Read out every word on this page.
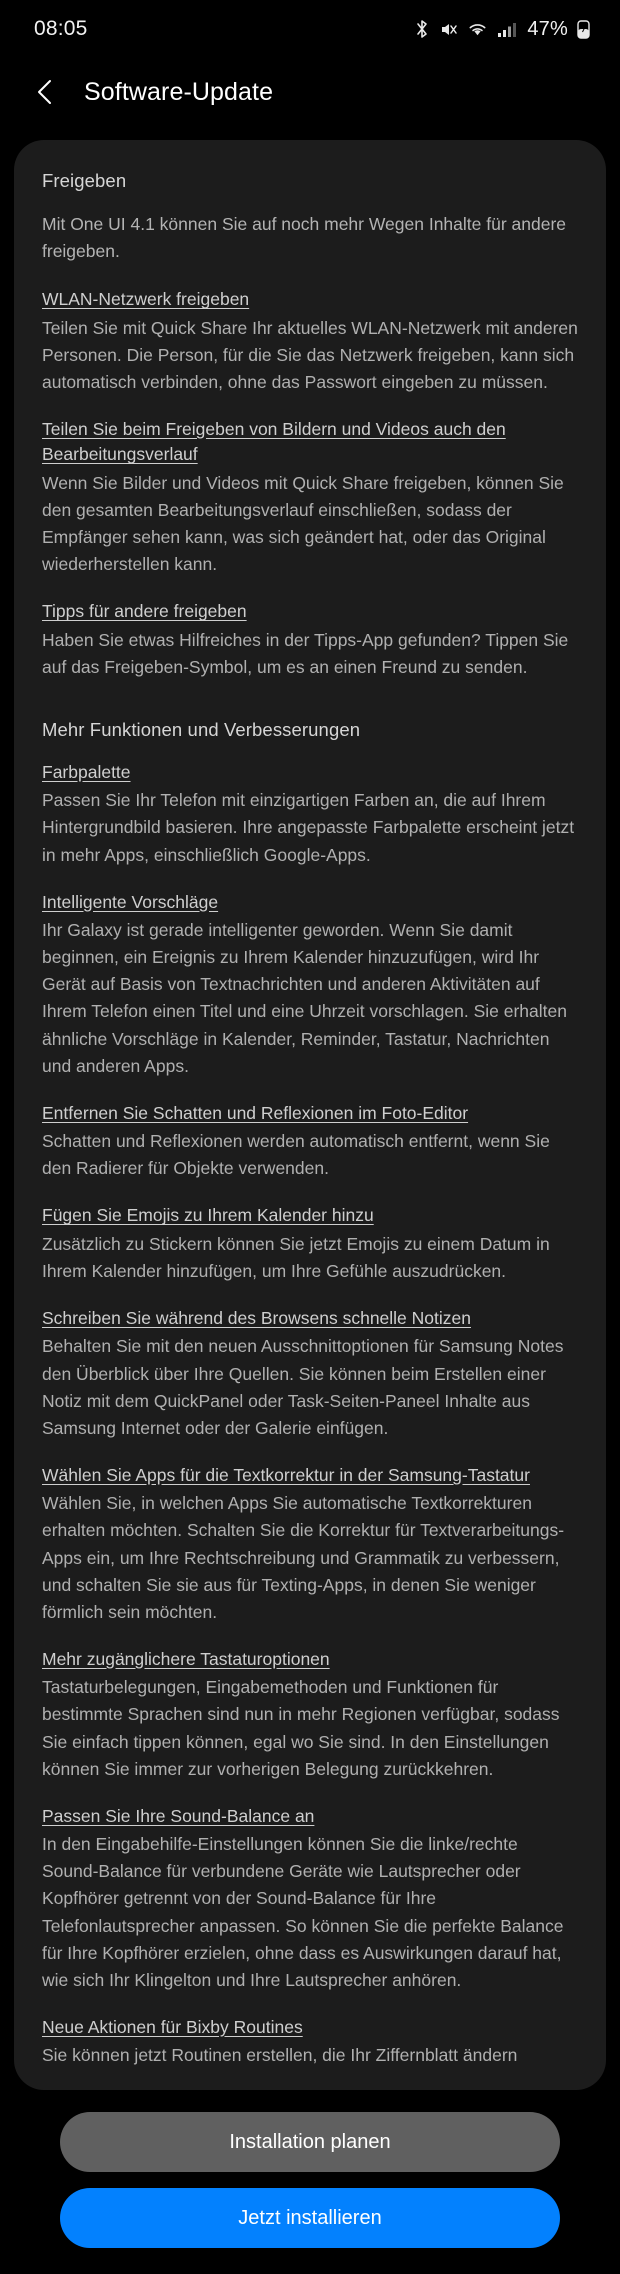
08:05	47%
Software-Update
Freigeben

Mit One UI 4.1 können Sie auf noch mehr Wegen Inhalte für andere freigeben.

WLAN-Netzwerk freigeben
Teilen Sie mit Quick Share Ihr aktuelles WLAN-Netzwerk mit anderen Personen. Die Person, für die Sie das Netzwerk freigeben, kann sich automatisch verbinden, ohne das Passwort eingeben zu müssen.
Teilen Sie beim Freigeben von Bildern und Videos auch den Bearbeitungsverlauf
Wenn Sie Bilder und Videos mit Quick Share freigeben, können Sie den gesamten Bearbeitungsverlauf einschließen, sodass der Empfänger sehen kann, was sich geändert hat, oder das Original wiederherstellen kann.
Tipps für andere freigeben
Haben Sie etwas Hilfreiches in der Tipps-App gefunden? Tippen Sie auf das Freigeben-Symbol, um es an einen Freund zu senden.
Mehr Funktionen und Verbesserungen
Farbpalette
Passen Sie Ihr Telefon mit einzigartigen Farben an, die auf Ihrem Hintergrundbild basieren. Ihre angepasste Farbpalette erscheint jetzt in mehr Apps, einschließlich Google-Apps.
Intelligente Vorschläge
Ihr Galaxy ist gerade intelligenter geworden. Wenn Sie damit beginnen, ein Ereignis zu Ihrem Kalender hinzuzufügen, wird Ihr Gerät auf Basis von Textnachrichten und anderen Aktivitäten auf Ihrem Telefon einen Titel und eine Uhrzeit vorschlagen. Sie erhalten ähnliche Vorschläge in Kalender, Reminder, Tastatur, Nachrichten und anderen Apps.
Entfernen Sie Schatten und Reflexionen im Foto-Editor
Schatten und Reflexionen werden automatisch entfernt, wenn Sie den Radierer für Objekte verwenden.
Fügen Sie Emojis zu Ihrem Kalender hinzu
Zusätzlich zu Stickern können Sie jetzt Emojis zu einem Datum in Ihrem Kalender hinzufügen, um Ihre Gefühle auszudrücken.
Schreiben Sie während des Browsens schnelle Notizen
Behalten Sie mit den neuen Ausschnittoptionen für Samsung Notes den Überblick über Ihre Quellen. Sie können beim Erstellen einer Notiz mit dem QuickPanel oder Task-Seiten-Paneel Inhalte aus Samsung Internet oder der Galerie einfügen.
Wählen Sie Apps für die Textkorrektur in der Samsung-Tastatur
Wählen Sie, in welchen Apps Sie automatische Textkorrekturen erhalten möchten. Schalten Sie die Korrektur für Textverarbeitungs-Apps ein, um Ihre Rechtschreibung und Grammatik zu verbessern, und schalten Sie sie aus für Texting-Apps, in denen Sie weniger förmlich sein möchten.
Mehr zugänglichere Tastaturoptionen
Tastaturbelegungen, Eingabemethoden und Funktionen für bestimmte Sprachen sind nun in mehr Regionen verfügbar, sodass Sie einfach tippen können, egal wo Sie sind. In den Einstellungen können Sie immer zur vorherigen Belegung zurückkehren.
Passen Sie Ihre Sound-Balance an
In den Eingabehilfe-Einstellungen können Sie die linke/rechte Sound-Balance für verbundene Geräte wie Lautsprecher oder Kopfhörer getrennt von der Sound-Balance für Ihre Telefonlautsprecher anpassen. So können Sie die perfekte Balance für Ihre Kopfhörer erzielen, ohne dass es Auswirkungen darauf hat, wie sich Ihr Klingelton und Ihre Lautsprecher anhören.
Neue Aktionen für Bixby Routines
Sie können jetzt Routinen erstellen, die Ihr Ziffernblatt ändern
Installation planen
Jetzt installieren
